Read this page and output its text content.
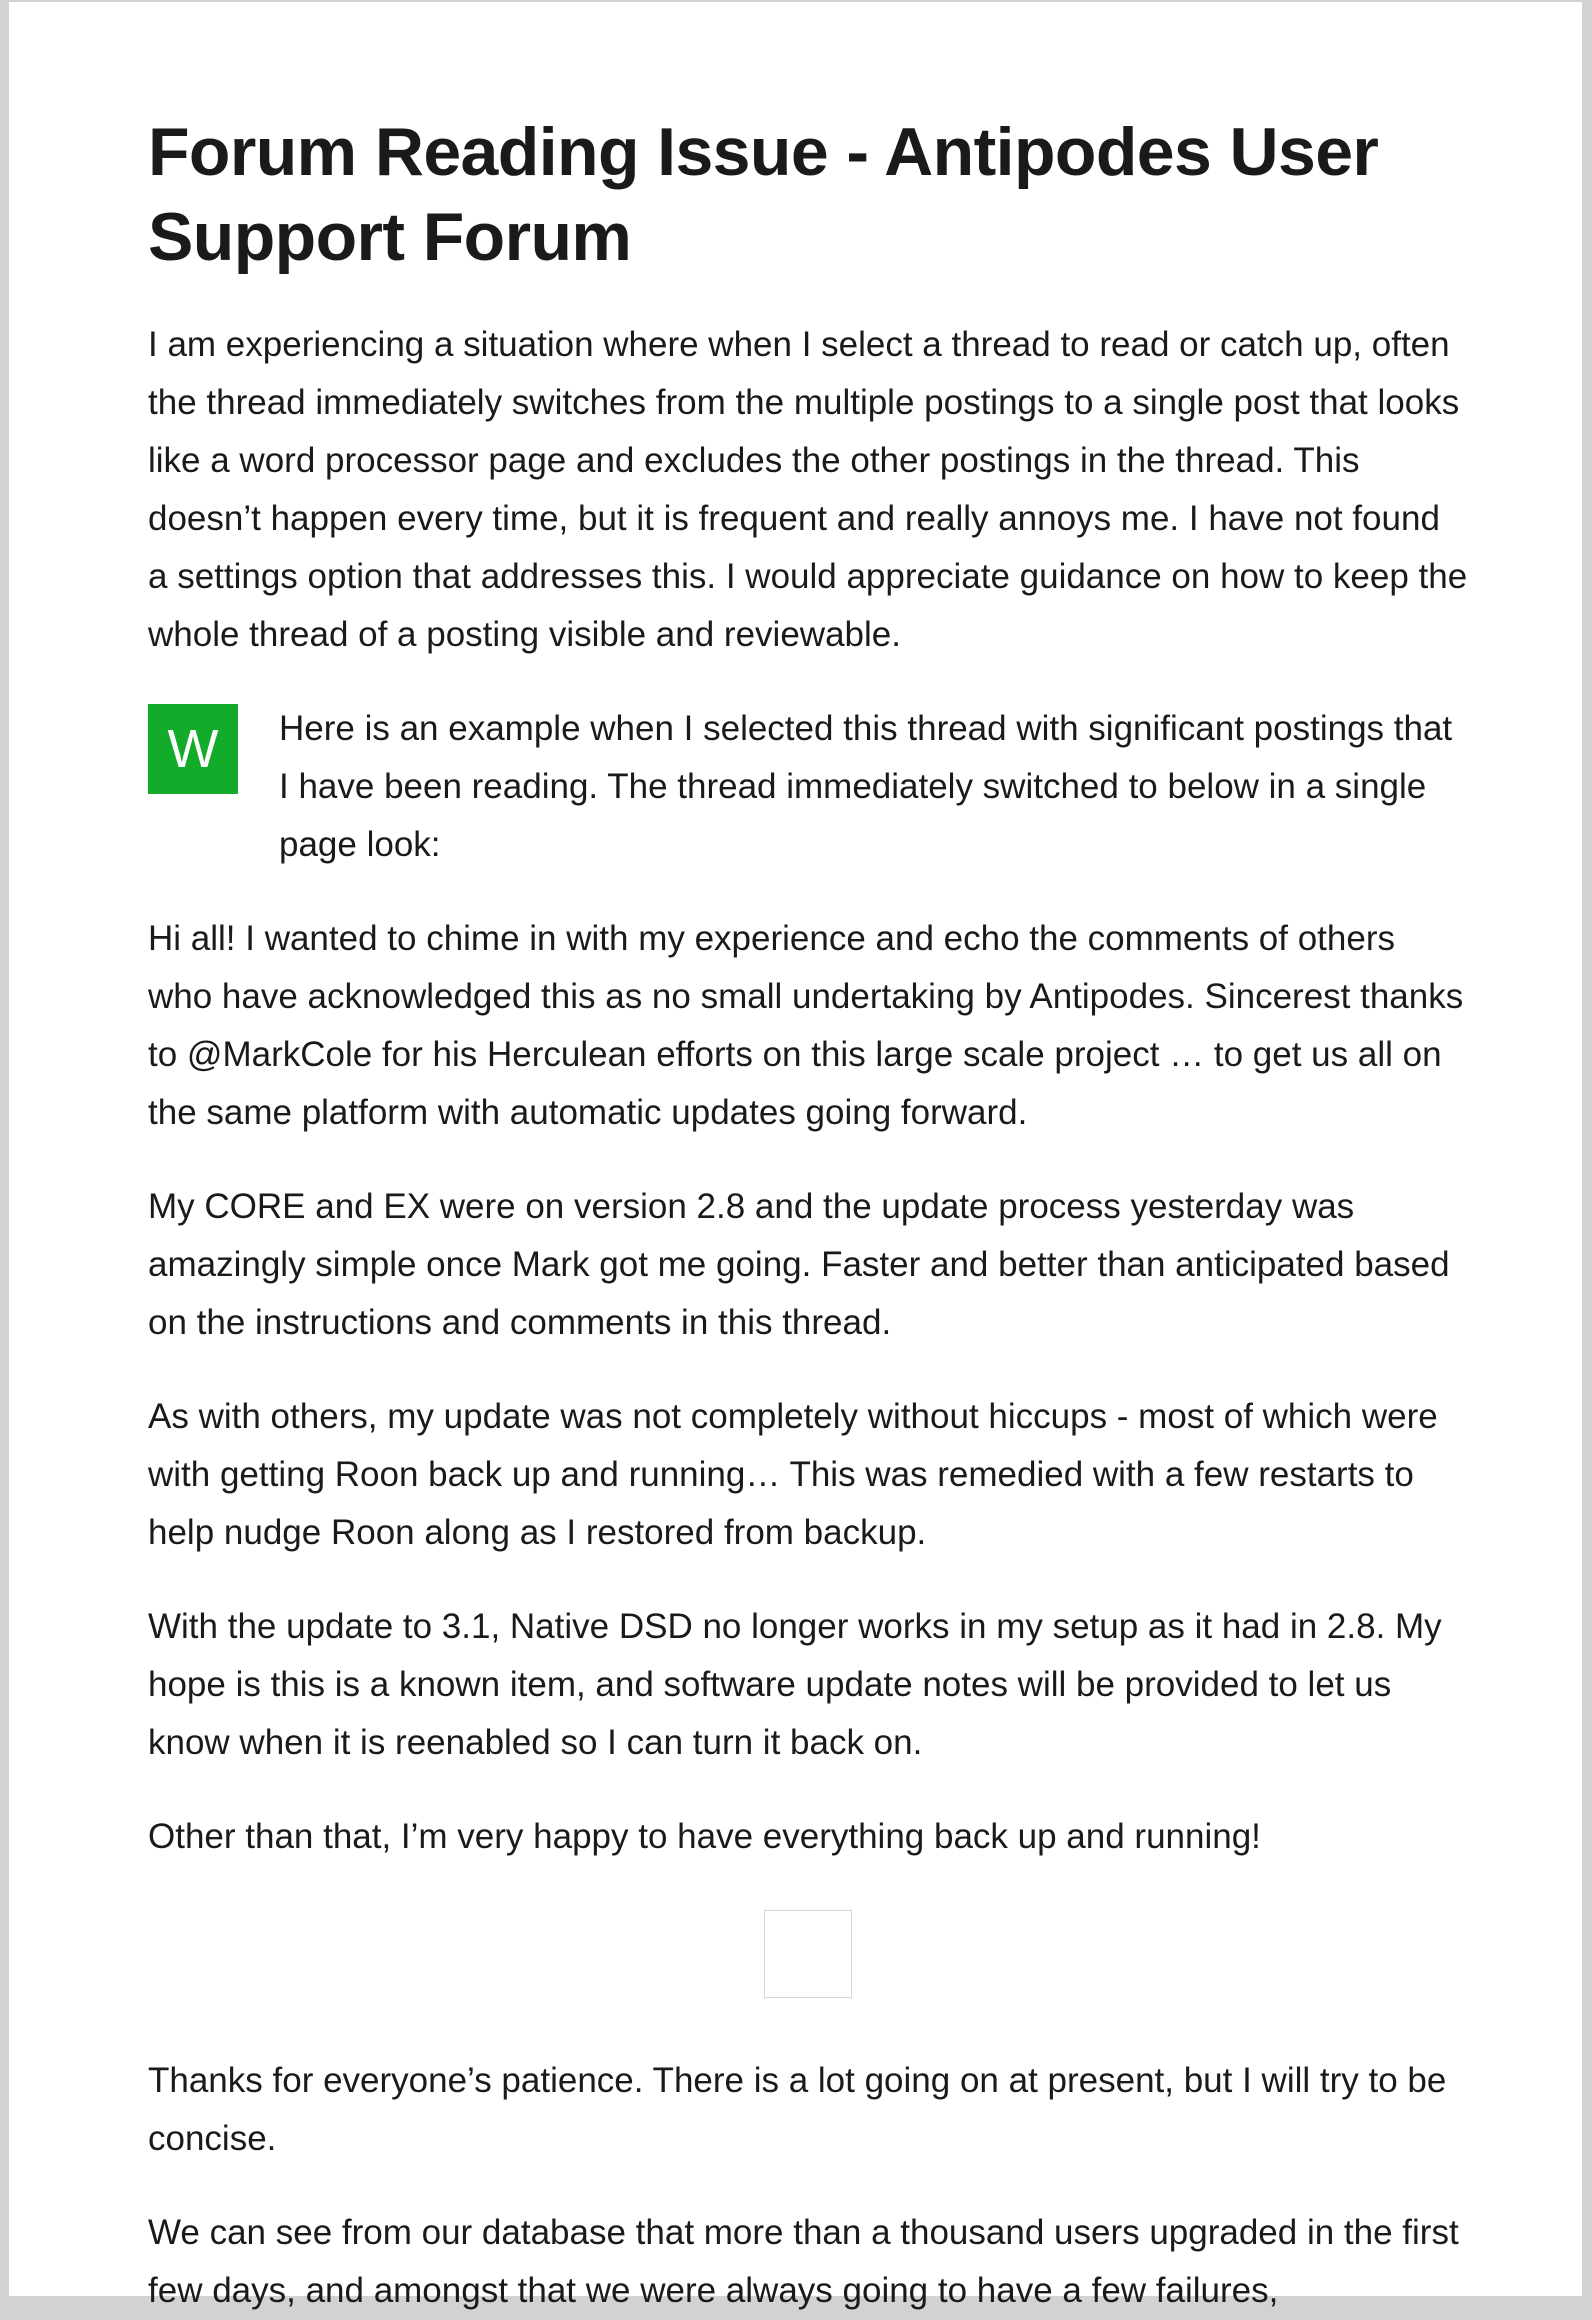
Forum Reading Issue - Antipodes User Support Forum

I am experiencing a situation where when I select a thread to read or catch up, often the thread immediately switches from the multiple postings to a single post that looks like a word processor page and excludes the other postings in the thread. This doesn’t happen every time, but it is frequent and really annoys me. I have not found a settings option that addresses this. I would appreciate guidance on how to keep the whole thread of a posting visible and reviewable.

W	Here is an example when I selected this thread with significant postings that I have been reading. The thread immediately switched to below in a single page look:

Hi all! I wanted to chime in with my experience and echo the comments of others who have acknowledged this as no small undertaking by Antipodes. Sincerest thanks to @MarkCole for his Herculean efforts on this large scale project … to get us all on the same platform with automatic updates going forward.

My CORE and EX were on version 2.8 and the update process yesterday was amazingly simple once Mark got me going. Faster and better than anticipated based on the instructions and comments in this thread.

As with others, my update was not completely without hiccups - most of which were with getting Roon back up and running… This was remedied with a few restarts to help nudge Roon along as I restored from backup.

With the update to 3.1, Native DSD no longer works in my setup as it had in 2.8. My hope is this is a known item, and software update notes will be provided to let us know when it is reenabled so I can turn it back on.

Other than that, I’m very happy to have everything back up and running!

Thanks for everyone’s patience. There is a lot going on at present, but I will try to be concise.

We can see from our database that more than a thousand users upgraded in the first few days, and amongst that we were always going to have a few failures,
